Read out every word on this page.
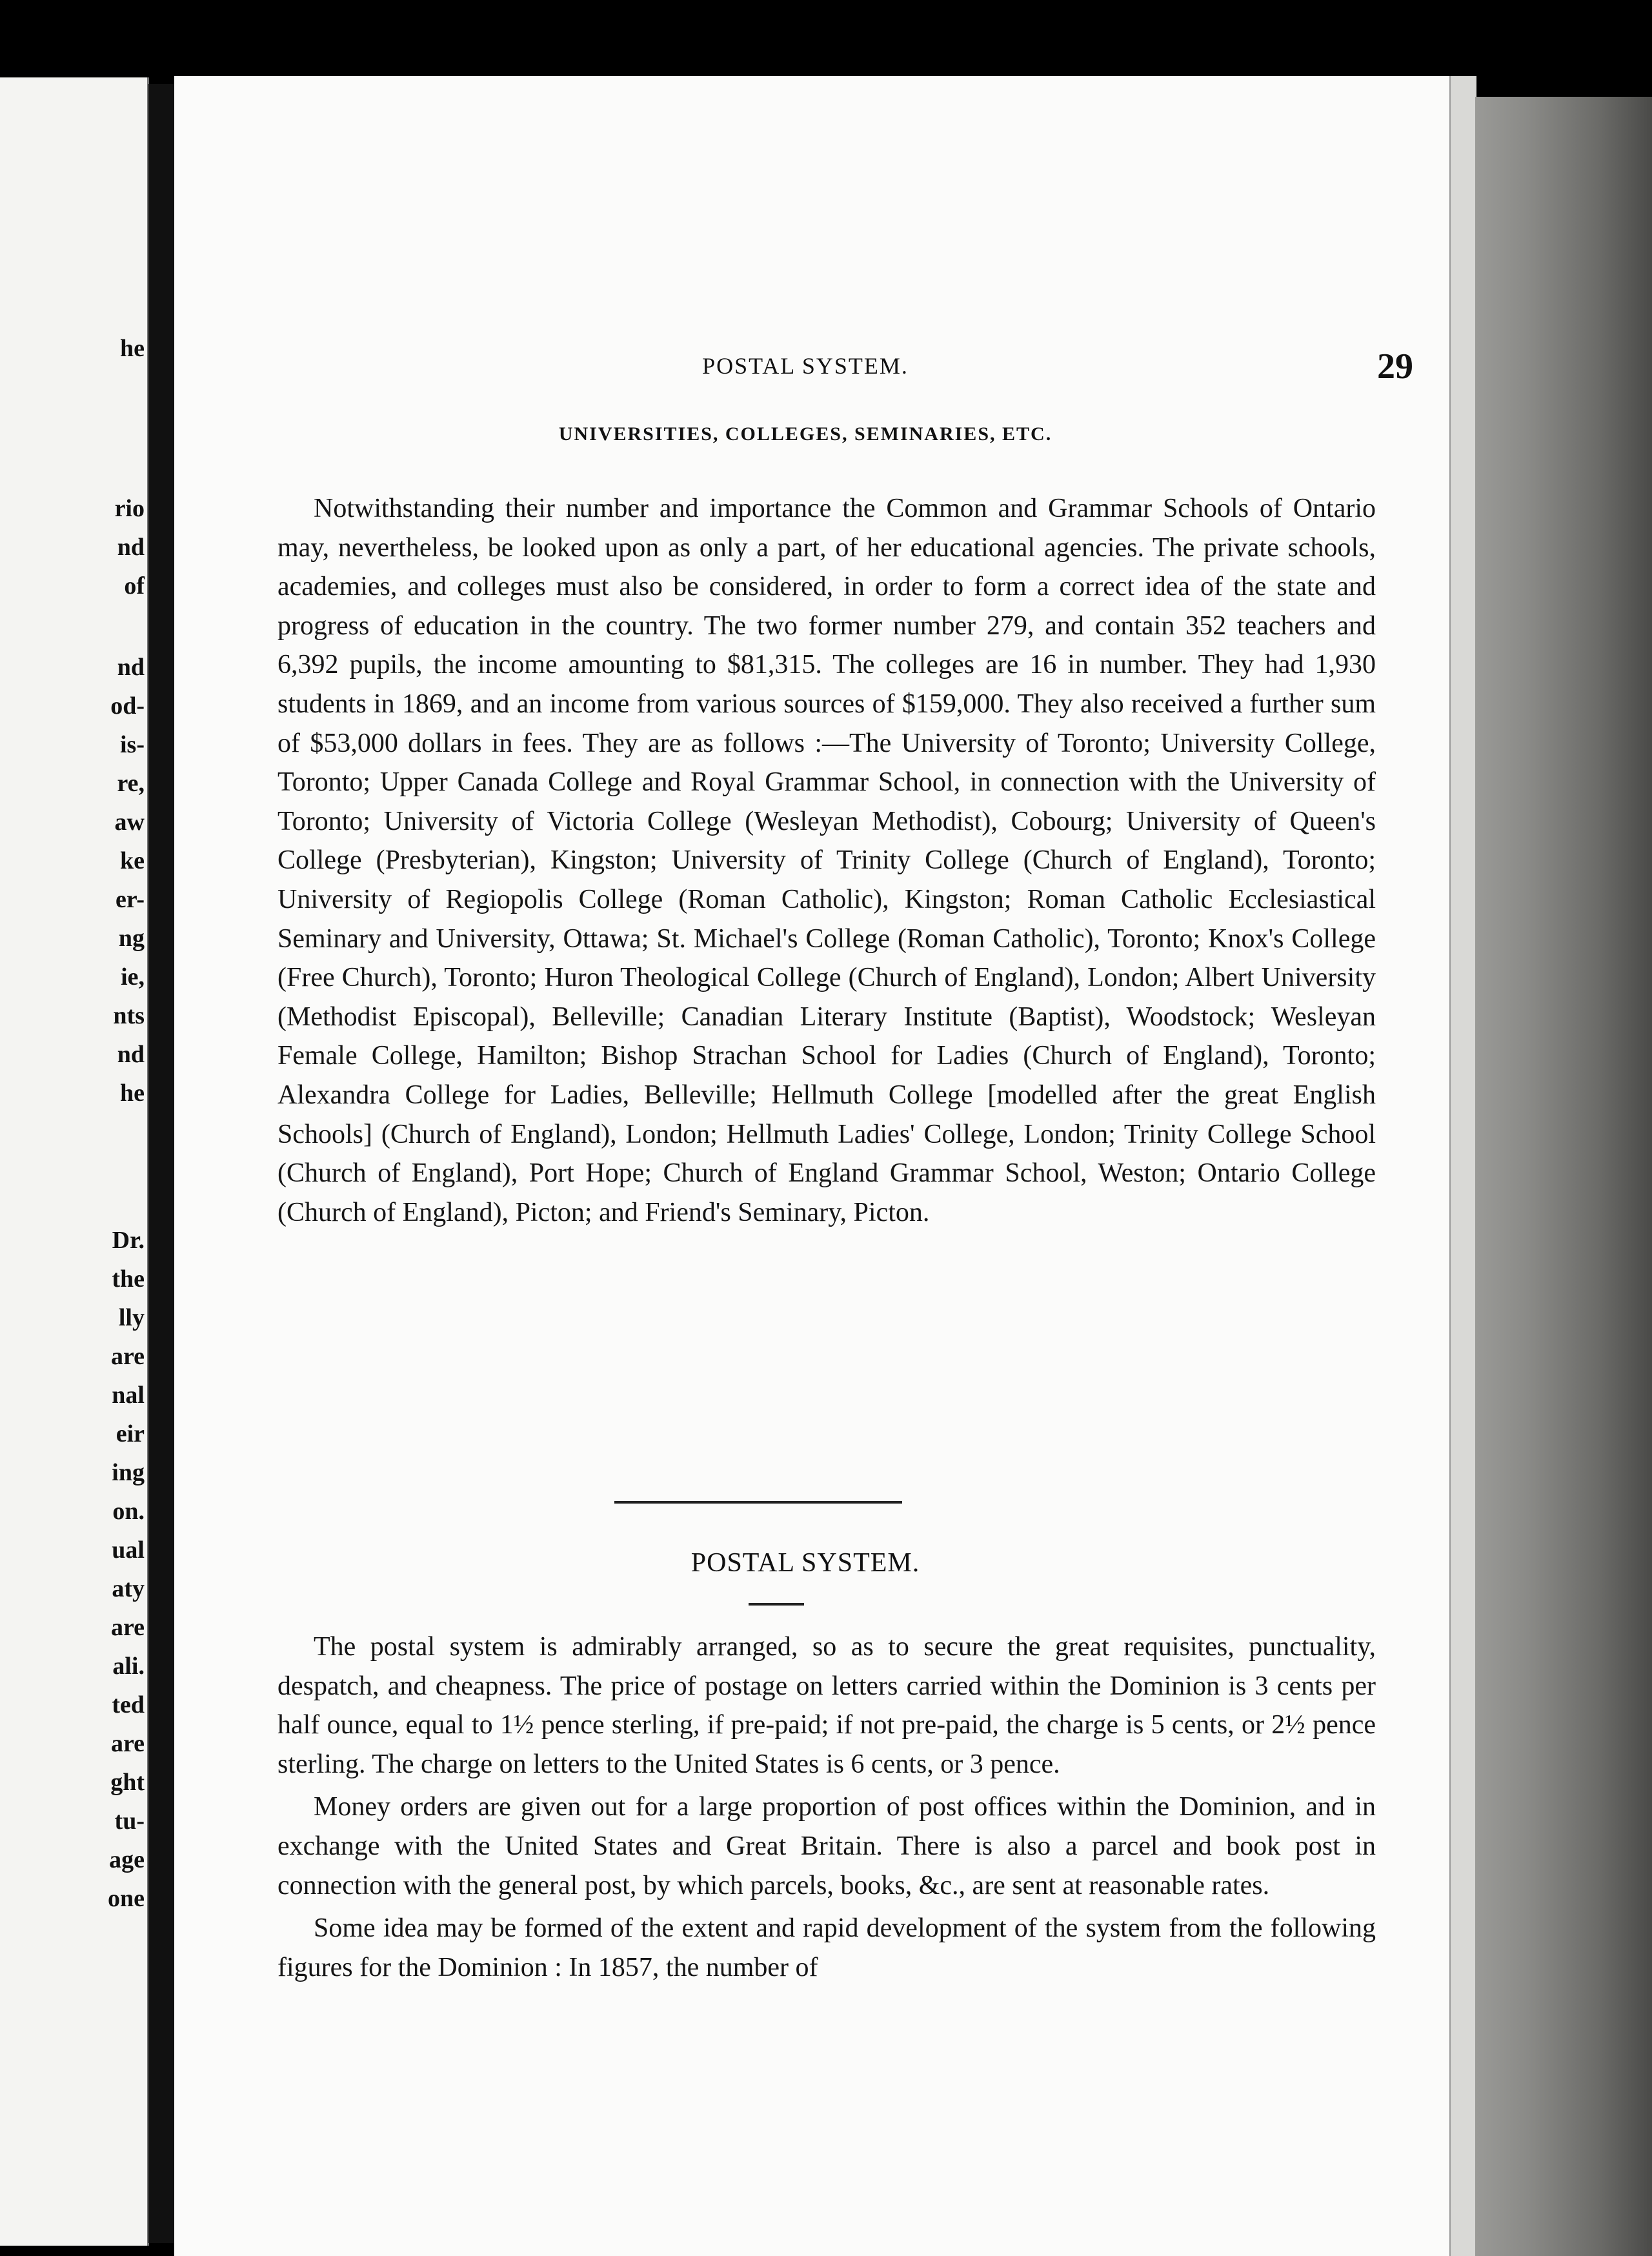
he
rio
nd
of
nd
od-
is-
re,
aw
ke
er-
ng
ie,
nts
nd
he
Dr.
the
lly
are
nal
eir
ing
on.
ual
aty
are
ali.
ted
are
ght
tu-
age
one
POSTAL SYSTEM.	29
UNIVERSITIES, COLLEGES, SEMINARIES, ETC.

Notwithstanding their number and importance the Common and Grammar Schools of Ontario may, nevertheless, be looked upon as only a part, of her educational agencies. The private schools, academies, and colleges must also be considered, in order to form a correct idea of the state and progress of education in the country. The two former number 279, and contain 352 teachers and 6,392 pupils, the income amounting to $81,315. The colleges are 16 in number. They had 1,930 students in 1869, and an income from various sources of $159,000. They also received a further sum of $53,000 dollars in fees. They are as follows :—The University of Toronto; University College, Toronto; Upper Canada College and Royal Grammar School, in connection with the University of Toronto; University of Victoria College (Wesleyan Methodist), Cobourg; University of Queen's College (Presbyterian), Kingston; University of Trinity College (Church of England), Toronto; University of Regiopolis College (Roman Catholic), Kingston; Roman Catholic Ecclesiastical Seminary and University, Ottawa; St. Michael's College (Roman Catholic), Toronto; Knox's College (Free Church), Toronto; Huron Theological College (Church of England), London; Albert University (Methodist Episcopal), Belleville; Canadian Literary Institute (Baptist), Woodstock; Wesleyan Female College, Hamilton; Bishop Strachan School for Ladies (Church of England), Toronto; Alexandra College for Ladies, Belleville; Hellmuth College [modelled after the great English Schools] (Church of England), London; Hellmuth Ladies' College, London; Trinity College School (Church of England), Port Hope; Church of England Grammar School, Weston; Ontario College (Church of England), Picton; and Friend's Seminary, Picton.

POSTAL SYSTEM.

The postal system is admirably arranged, so as to secure the great requisites, punctuality, despatch, and cheapness. The price of postage on letters carried within the Dominion is 3 cents per half ounce, equal to 1½ pence sterling, if pre-paid; if not pre-paid, the charge is 5 cents, or 2½ pence sterling. The charge on letters to the United States is 6 cents, or 3 pence.

Money orders are given out for a large proportion of post offices within the Dominion, and in exchange with the United States and Great Britain. There is also a parcel and book post in connection with the general post, by which parcels, books, &c., are sent at reasonable rates.

Some idea may be formed of the extent and rapid development of the system from the following figures for the Dominion : In 1857, the number of
